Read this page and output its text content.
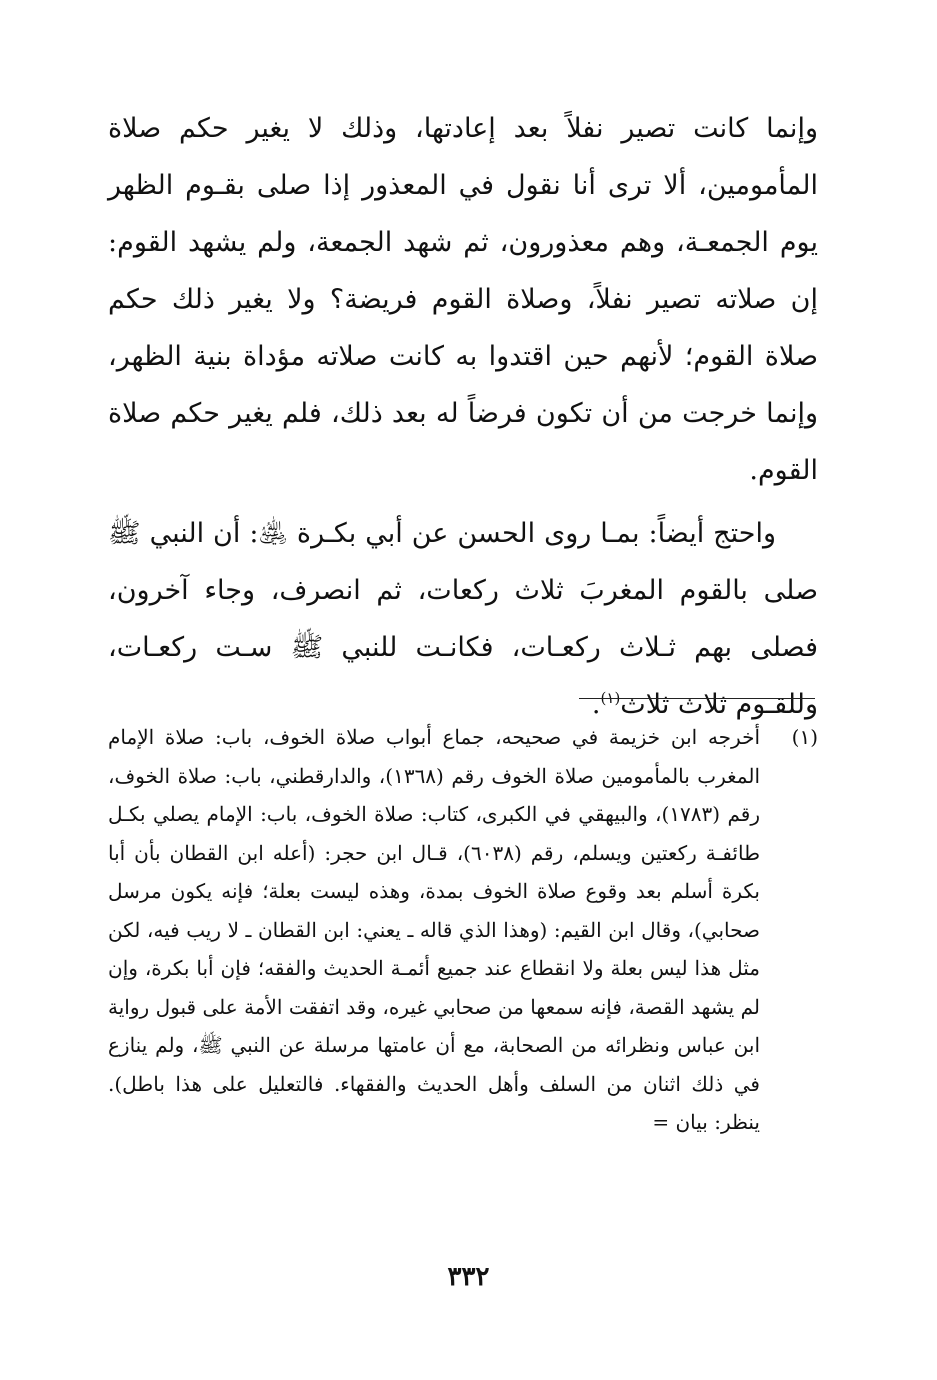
وإنما كانت تصير نفلاً بعد إعادتها، وذلك لا يغير حكم صلاة المأمومين، ألا ترى أنا نقول في المعذور إذا صلى بقـوم الظهر يوم الجمعـة، وهم معذورون، ثم شهد الجمعة، ولم يشهد القوم: إن صلاته تصير نفلاً، وصلاة القوم فريضة؟ ولا يغير ذلك حكم صلاة القوم؛ لأنهم حين اقتدوا به كانت صلاته مؤداة بنية الظهر، وإنما خرجت من أن تكون فرضاً له بعد ذلك، فلم يغير حكم صلاة القوم.

واحتج أيضاً: بمـا روى الحسن عن أبي بكـرة ﵁: أن النبي ﷺ صلى بالقوم المغربَ ثلاث ركعات، ثم انصرف، وجاء آخرون، فصلى بهم ثـلاث ركعـات، فكانـت للنبي ﷺ سـت ركعـات، وللقـوم ثلاث ثلاث$^{(١)}$.

(١)
أخرجه ابن خزيمة في صحيحه، جماع أبواب صلاة الخوف، باب: صلاة الإمام المغرب بالمأمومين صلاة الخوف رقم (١٣٦٨)، والدارقطني، باب: صلاة الخوف، رقم (١٧٨٣)، والبيهقي في الكبرى، كتاب: صلاة الخوف، باب: الإمام يصلي بكـل طائفـة ركعتين ويسلم، رقم (٦٠٣٨)، قـال ابن حجر: (أعله ابن القطان بأن أبا بكرة أسلم بعد وقوع صلاة الخوف بمدة، وهذه ليست بعلة؛ فإنه يكون مرسل صحابي)، وقال ابن القيم: (وهذا الذي قاله ـ يعني: ابن القطان ـ لا ريب فيه، لكن مثل هذا ليس بعلة ولا انقطاع عند جميع أئمـة الحديث والفقه؛ فإن أبا بكرة، وإن لم يشهد القصة، فإنه سمعها من صحابي غيره، وقد اتفقت الأمة على قبول رواية ابن عباس ونظرائه من الصحابة، مع أن عامتها مرسلة عن النبي ﷺ، ولم ينازع في ذلك اثنان من السلف وأهل الحديث والفقهاء. فالتعليل على هذا باطل). ينظر: بيان =
٣٣٢
